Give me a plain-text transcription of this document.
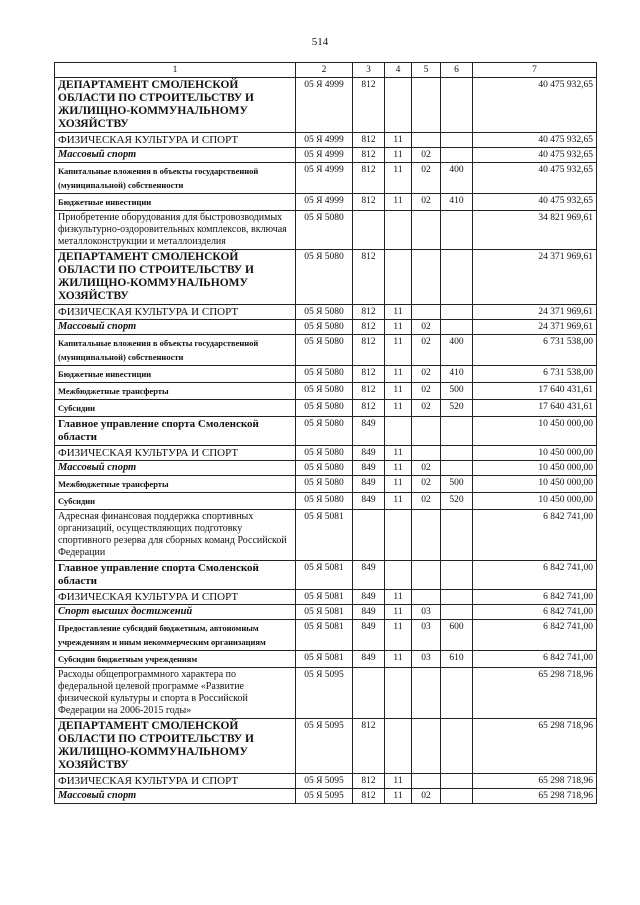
514
1	2	3	4	5	6	7
ДЕПАРТАМЕНТ СМОЛЕНСКОЙ ОБЛАСТИ ПО СТРОИТЕЛЬСТВУ И ЖИЛИЩНО-КОММУНАЛЬНОМУ ХОЗЯЙСТВУ	05 Я 4999	812				40 475 932,65
ФИЗИЧЕСКАЯ КУЛЬТУРА И СПОРТ	05 Я 4999	812	11			40 475 932,65
Массовый спорт	05 Я 4999	812	11	02		40 475 932,65
Капитальные вложения в объекты государственной (муниципальной) собственности	05 Я 4999	812	11	02	400	40 475 932,65
Бюджетные инвестиции	05 Я 4999	812	11	02	410	40 475 932,65
Приобретение оборудования для быстровозводимых физкультурно-оздоровительных комплексов, включая металлоконструкции и металлоизделия	05 Я 5080					34 821 969,61
ДЕПАРТАМЕНТ СМОЛЕНСКОЙ ОБЛАСТИ ПО СТРОИТЕЛЬСТВУ И ЖИЛИЩНО-КОММУНАЛЬНОМУ ХОЗЯЙСТВУ	05 Я 5080	812				24 371 969,61
ФИЗИЧЕСКАЯ КУЛЬТУРА И СПОРТ	05 Я 5080	812	11			24 371 969,61
Массовый спорт	05 Я 5080	812	11	02		24 371 969,61
Капитальные вложения в объекты государственной (муниципальной) собственности	05 Я 5080	812	11	02	400	6 731 538,00
Бюджетные инвестиции	05 Я 5080	812	11	02	410	6 731 538,00
Межбюджетные трансферты	05 Я 5080	812	11	02	500	17 640 431,61
Субсидии	05 Я 5080	812	11	02	520	17 640 431,61
Главное управление спорта Смоленской области	05 Я 5080	849				10 450 000,00
ФИЗИЧЕСКАЯ КУЛЬТУРА И СПОРТ	05 Я 5080	849	11			10 450 000,00
Массовый спорт	05 Я 5080	849	11	02		10 450 000,00
Межбюджетные трансферты	05 Я 5080	849	11	02	500	10 450 000,00
Субсидии	05 Я 5080	849	11	02	520	10 450 000,00
Адресная финансовая поддержка спортивных организаций, осуществляющих подготовку спортивного резерва для сборных команд Российской Федерации	05 Я 5081					6 842 741,00
Главное управление спорта Смоленской области	05 Я 5081	849				6 842 741,00
ФИЗИЧЕСКАЯ КУЛЬТУРА И СПОРТ	05 Я 5081	849	11			6 842 741,00
Спорт высших достижений	05 Я 5081	849	11	03		6 842 741,00
Предоставление субсидий бюджетным, автономным учреждениям и иным некоммерческим организациям	05 Я 5081	849	11	03	600	6 842 741,00
Субсидии бюджетным учреждениям	05 Я 5081	849	11	03	610	6 842 741,00
Расходы общепрограммного характера по федеральной целевой программе «Развитие физической культуры и спорта в Российской Федерации на 2006-2015 годы»	05 Я 5095					65 298 718,96
ДЕПАРТАМЕНТ СМОЛЕНСКОЙ ОБЛАСТИ ПО СТРОИТЕЛЬСТВУ И ЖИЛИЩНО-КОММУНАЛЬНОМУ ХОЗЯЙСТВУ	05 Я 5095	812				65 298 718,96
ФИЗИЧЕСКАЯ КУЛЬТУРА И СПОРТ	05 Я 5095	812	11			65 298 718,96
Массовый спорт	05 Я 5095	812	11	02		65 298 718,96
